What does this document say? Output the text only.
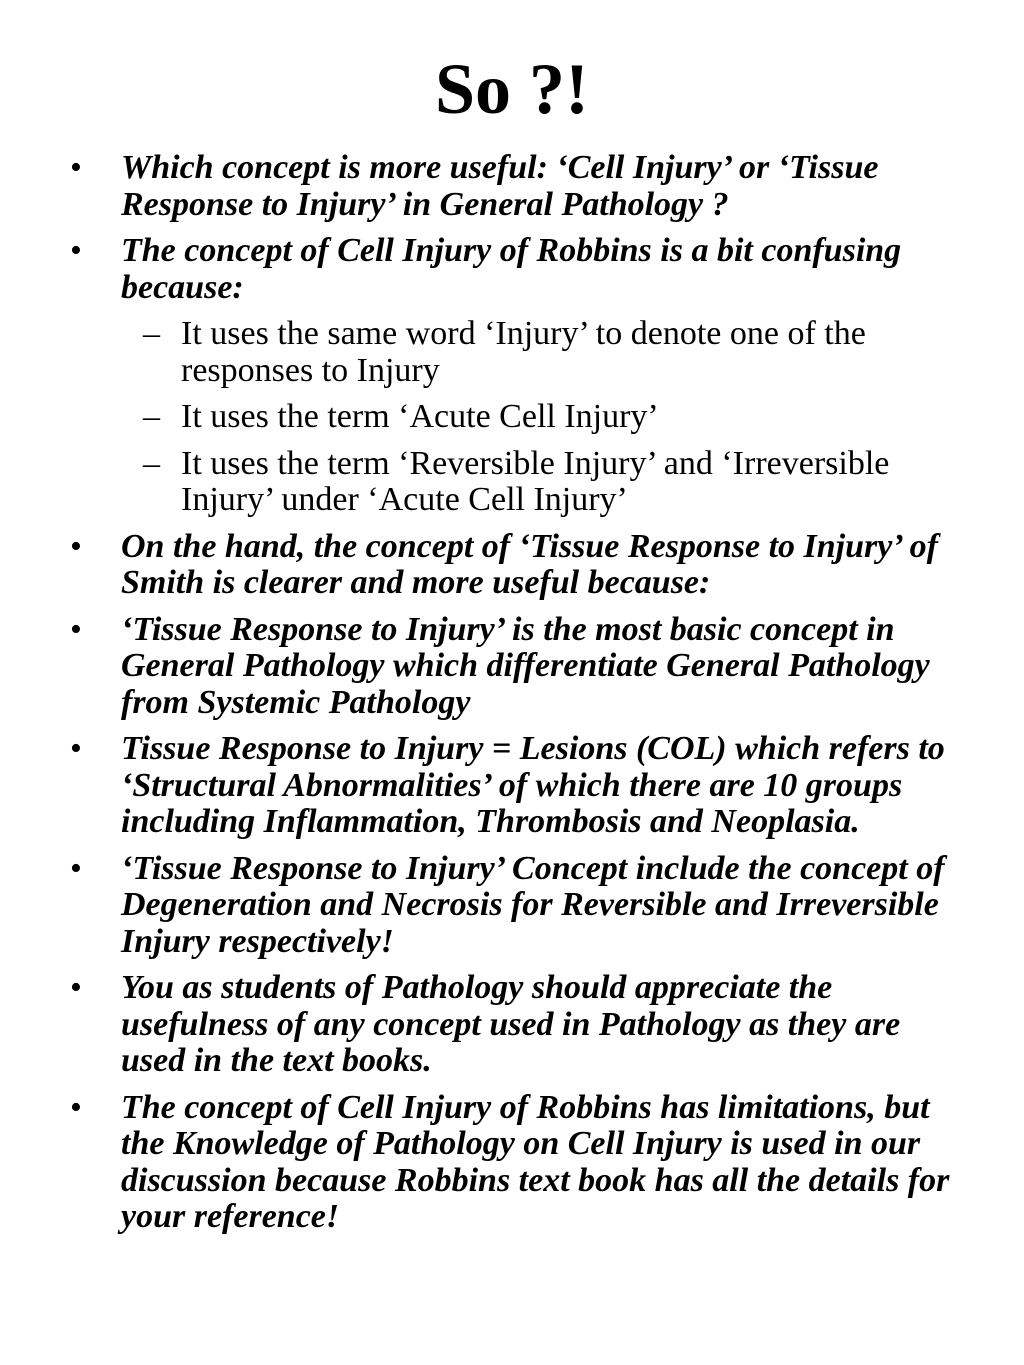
So ?!
• Which concept is more useful: ‘Cell Injury’ or ‘Tissue Response to Injury’ in General Pathology ?
• The concept of Cell Injury of Robbins is a bit confusing because:
– It uses the same word ‘Injury’ to denote one of the responses to Injury
– It uses the term ‘Acute Cell Injury’
– It uses the term ‘Reversible Injury’ and ‘Irreversible Injury’ under ‘Acute Cell Injury’
• On the hand, the concept of ‘Tissue Response to Injury’ of Smith is clearer and more useful because:
• ‘Tissue Response to Injury’ is the most basic concept in General Pathology which differentiate General Pathology from Systemic Pathology
• Tissue Response to Injury = Lesions (COL) which refers to ‘Structural Abnormalities’ of which there are 10 groups including Inflammation, Thrombosis and Neoplasia.
• ‘Tissue Response to Injury’ Concept include the concept of Degeneration and Necrosis for Reversible and Irreversible Injury respectively!
• You as students of Pathology should appreciate the usefulness of any concept used in Pathology as they are used in the text books.
• The concept of Cell Injury of Robbins has limitations, but the Knowledge of Pathology on Cell Injury is used in our discussion because Robbins text book has all the details for your reference!
